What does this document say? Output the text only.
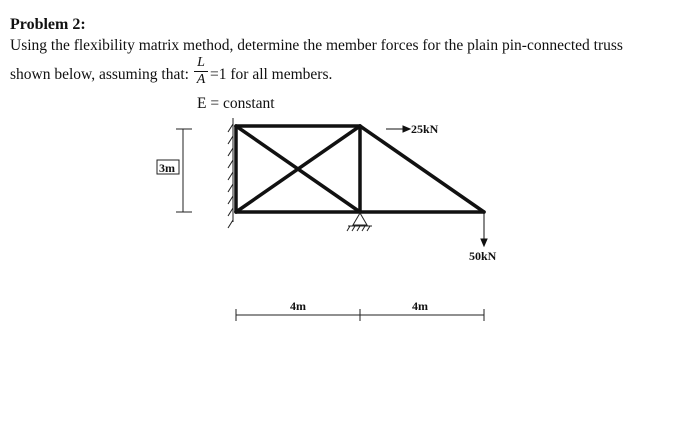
Problem 2:
Using the flexibility matrix method, determine the member forces for the plain pin-connected truss
shown below, assuming that:
L
A =1 for all members.
E = constant
3m
25kN
50kN
4m	4m
